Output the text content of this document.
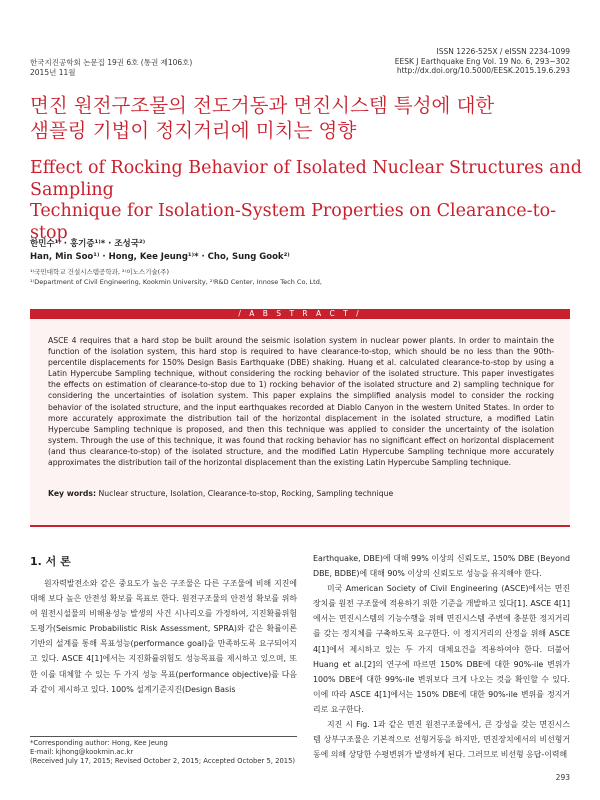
한국지진공학회 논문집 19권 6호 (통권 제106호)
2015년 11월
ISSN 1226-525X / eISSN 2234-1099
EESK J Earthquake Eng Vol. 19 No. 6, 293~302
http://dx.doi.org/10.5000/EESK.2015.19.6.293
면진 원전구조물의 전도거동과 면진시스템 특성에 대한
샘플링 기법이 정지거리에 미치는 영향
Effect of Rocking Behavior of Isolated Nuclear Structures and Sampling
Technique for Isolation-System Properties on Clearance-to-stop
한민수¹⁾ · 홍기증¹⁾* · 조성국²⁾
Han, Min Soo¹⁾ · Hong, Kee Jeung¹⁾* · Cho, Sung Gook²⁾
¹⁾국민대학교 건설시스템공학과, ²⁾이노스기술(주)
¹⁾Department of Civil Engineering, Kookmin University, ²⁾R&D Center, Innose Tech Co, Ltd,
/ A B S T R A C T /
ASCE 4 requires that a hard stop be built around the seismic isolation system in nuclear power plants. In order to maintain the function of the isolation system, this hard stop is required to have clearance-to-stop, which should be no less than the 90th-percentile displacements for 150% Design Basis Earthquake (DBE) shaking. Huang et al. calculated clearance-to-stop by using a Latin Hypercube Sampling technique, without considering the rocking behavior of the isolated structure. This paper investigates the effects on estimation of clearance-to-stop due to 1) rocking behavior of the isolated structure and 2) sampling technique for considering the uncertainties of isolation system. This paper explains the simplified analysis model to consider the rocking behavior of the isolated structure, and the input earthquakes recorded at Diablo Canyon in the western United States. In order to more accurately approximate the distribution tail of the horizontal displacement in the isolated structure, a modified Latin Hypercube Sampling technique is proposed, and then this technique was applied to consider the uncertainty of the isolation system. Through the use of this technique, it was found that rocking behavior has no significant effect on horizontal displacement (and thus clearance-to-stop) of the isolated structure, and the modified Latin Hypercube Sampling technique more accurately approximates the distribution tail of the horizontal displacement than the existing Latin Hypercube Sampling technique.
Key words: Nuclear structure, Isolation, Clearance-to-stop, Rocking, Sampling technique
1. 서 론
원자력발전소와 같은 중요도가 높은 구조물은 다른 구조물에 비해 지진에 대해 보다 높은 안전성 확보를 목표로 한다. 원전구조물의 안전성 확보를 위하여 원전시설물의 비해용성능 발생의 사건 시나리오를 가정하여, 지진확률위험도평가(Seismic Probabilistic Risk Assessment, SPRA)와 같은 확률이론 기반의 설계를 통해 목표성능(performance goal)을 만족하도록 요구되어지고 있다. ASCE 4[1]에서는 지진화률위험도 성능목표를 제시하고 있으며, 또한 이를 대체할 수 있는 두 가지 성능 목표(performance objective)를 다음과 같이 제시하고 있다. 100% 설계기준지진(Design Basis
Earthquake, DBE)에 대해 99% 이상의 신뢰도로, 150% DBE (Beyond DBE, BDBE)에 대해 90% 이상의 신뢰도로 성능을 유지해야 한다.
미국 American Society of Civil Engineering (ASCE)에서는 면진장치를 원전 구조물에 적용하기 위한 기준을 개발하고 있다[1]. ASCE 4[1]에서는 면진시스템의 기능수행을 위해 면진시스템 주변에 충분한 정지거리를 갖는 정지체를 구축하도록 요구한다. 이 정지거리의 산정을 위해 ASCE 4[1]에서 제시하고 있는 두 가지 대체요건을 적용하여야 한다. 더불어 Huang et al.[2]의 연구에 따르면 150% DBE에 대한 90%-ile 변위가 100% DBE에 대한 99%-ile 변위보다 크게 나오는 것을 확인할 수 있다. 이에 따라 ASCE 4[1]에서는 150% DBE에 대한 90%-ile 변위를 정지거리로 요구한다.
지진 시 Fig. 1과 같은 면진 원전구조물에서, 큰 강성을 갖는 면진시스템 상부구조물은 기본적으로 선형거동을 하지만, 면진장치에서의 비선형거동에 의해 상당한 수평변위가 발생하게 된다. 그러므로 비선형 응답-이력해
*Corresponding author: Hong, Kee Jeung
E-mail: kjhong@kookmin.ac.kr
(Received July 17, 2015; Revised October 2, 2015; Accepted October 5, 2015)
293
